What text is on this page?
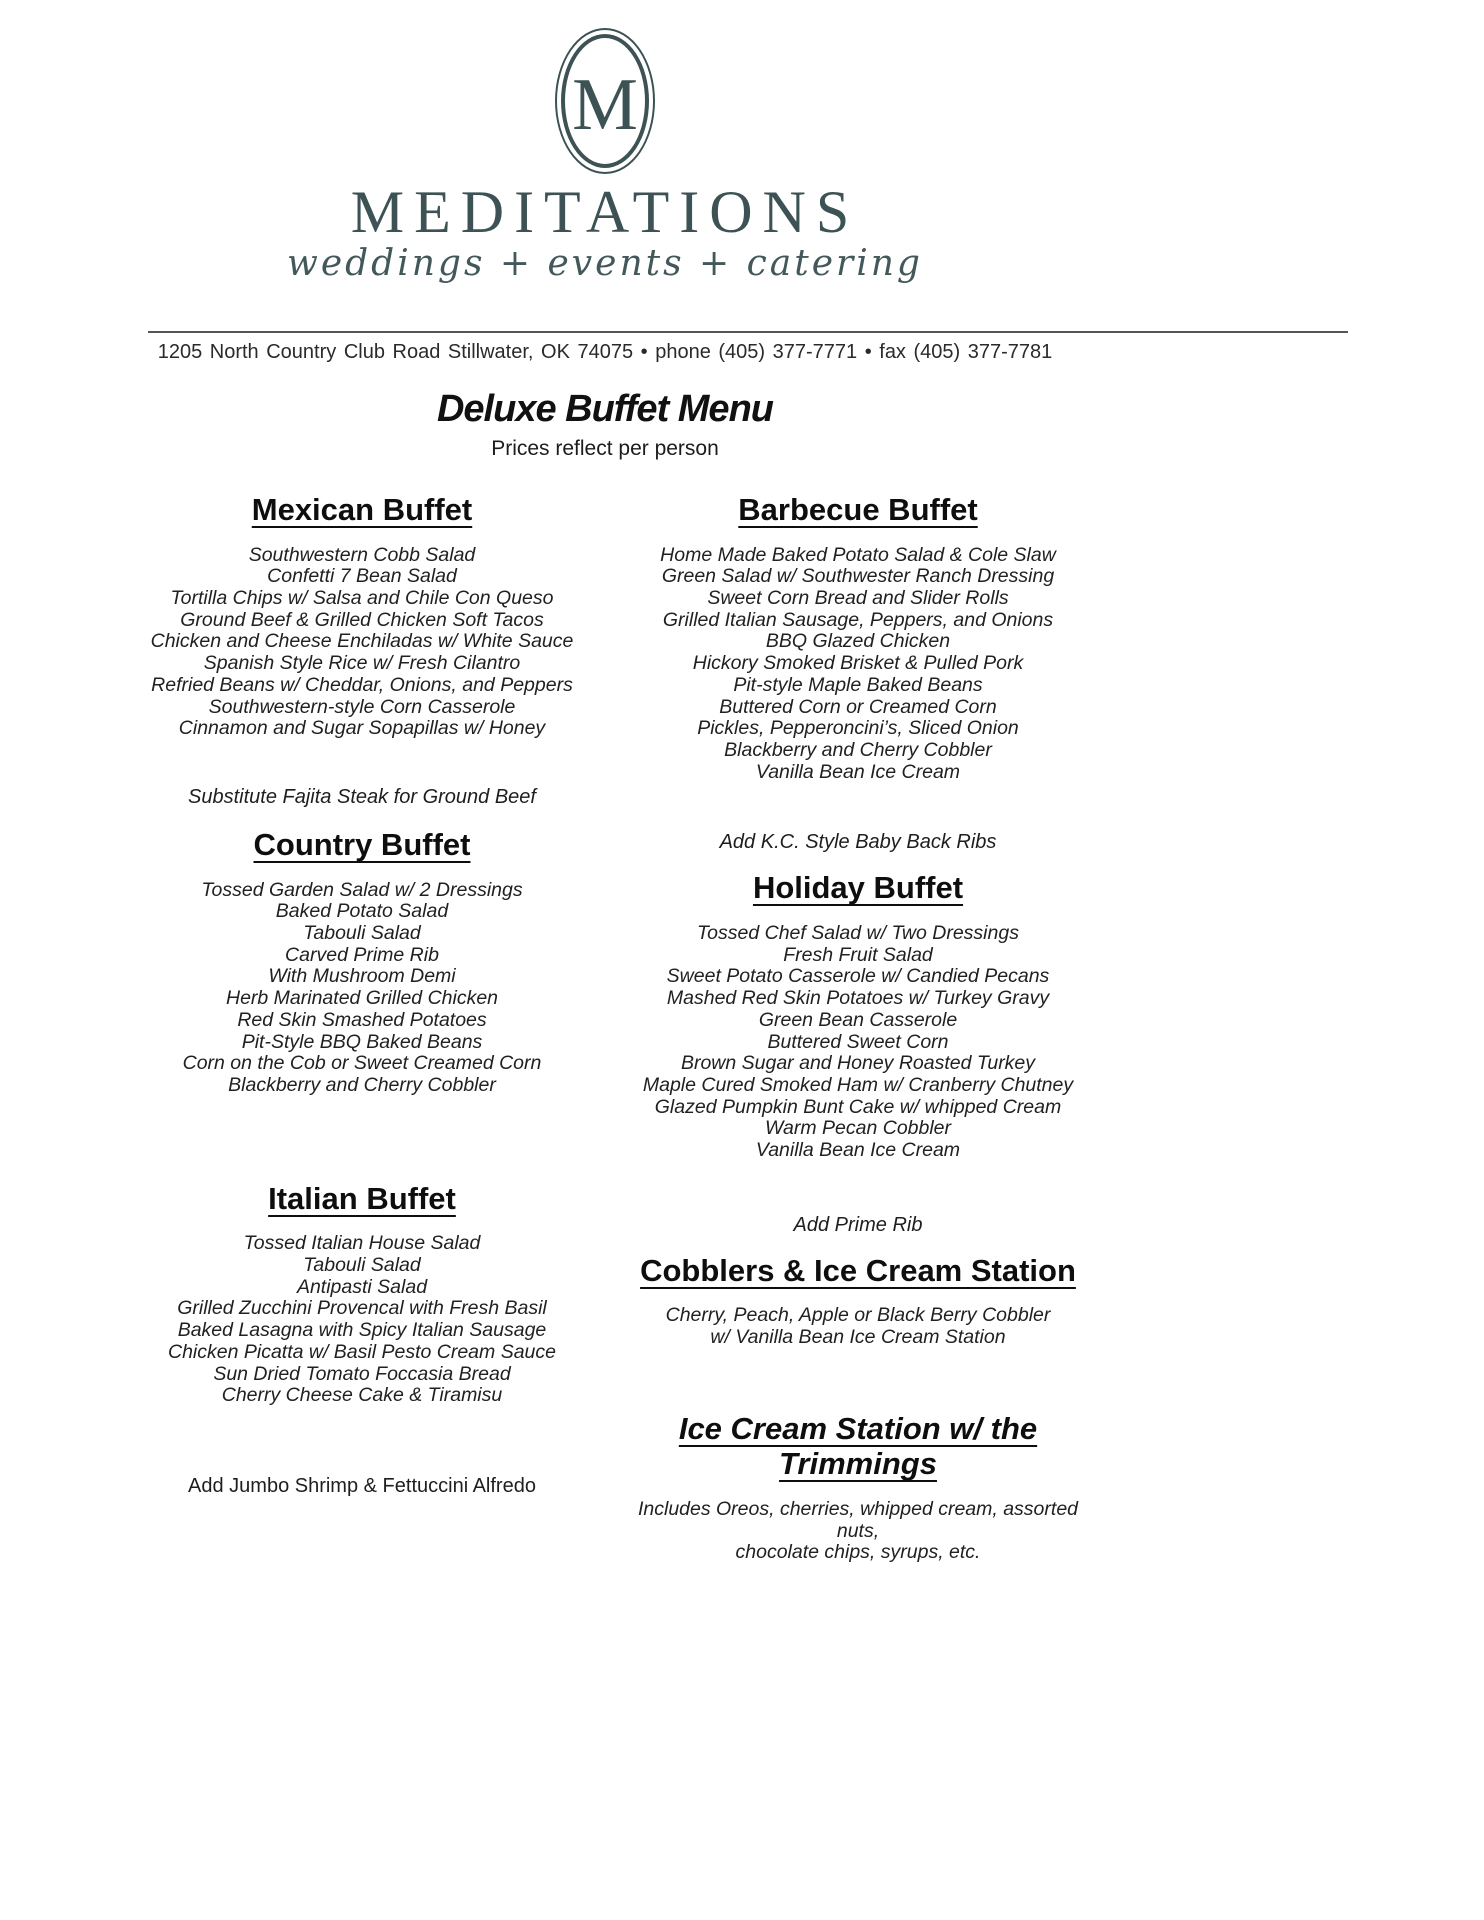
M
MEDITATIONS
weddings + events + catering
1205 North Country Club Road Stillwater, OK 74075 • phone (405) 377-7771 • fax (405) 377-7781
Deluxe Buffet Menu
Prices reflect per person
Mexican Buffet
Southwestern Cobb Salad
Confetti 7 Bean Salad
Tortilla Chips w/ Salsa and Chile Con Queso
Ground Beef & Grilled Chicken Soft Tacos
Chicken and Cheese Enchiladas w/ White Sauce
Spanish Style Rice w/ Fresh Cilantro
Refried Beans w/ Cheddar, Onions, and Peppers
Southwestern-style Corn Casserole
Cinnamon and Sugar Sopapillas w/ Honey
Substitute Fajita Steak for Ground Beef
Country Buffet
Tossed Garden Salad w/ 2 Dressings
Baked Potato Salad
Tabouli Salad
Carved Prime Rib
With Mushroom Demi
Herb Marinated Grilled Chicken
Red Skin Smashed Potatoes
Pit-Style BBQ Baked Beans
Corn on the Cob or Sweet Creamed Corn
Blackberry and Cherry Cobbler
Italian Buffet
Tossed Italian House Salad
Tabouli Salad
Antipasti Salad
Grilled Zucchini Provencal with Fresh Basil
Baked Lasagna with Spicy Italian Sausage
Chicken Picatta w/ Basil Pesto Cream Sauce
Sun Dried Tomato Foccasia Bread
Cherry Cheese Cake & Tiramisu
Add Jumbo Shrimp & Fettuccini Alfredo
Barbecue Buffet
Home Made Baked Potato Salad & Cole Slaw
Green Salad w/ Southwester Ranch Dressing
Sweet Corn Bread and Slider Rolls
Grilled Italian Sausage, Peppers, and Onions
BBQ Glazed Chicken
Hickory Smoked Brisket & Pulled Pork
Pit-style Maple Baked Beans
Buttered Corn or Creamed Corn
Pickles, Pepperoncini’s, Sliced Onion
Blackberry and Cherry Cobbler
Vanilla Bean Ice Cream
Add K.C. Style Baby Back Ribs
Holiday Buffet
Tossed Chef Salad w/ Two Dressings
Fresh Fruit Salad
Sweet Potato Casserole w/ Candied Pecans
Mashed Red Skin Potatoes w/ Turkey Gravy
Green Bean Casserole
Buttered Sweet Corn
Brown Sugar and Honey Roasted Turkey
Maple Cured Smoked Ham w/ Cranberry Chutney
Glazed Pumpkin Bunt Cake w/ whipped Cream
Warm Pecan Cobbler
Vanilla Bean Ice Cream
Add Prime Rib
Cobblers & Ice Cream Station
Cherry, Peach, Apple or Black Berry Cobbler
w/ Vanilla Bean Ice Cream Station
Ice Cream Station w/ the Trimmings
Includes Oreos, cherries, whipped cream, assorted nuts,
chocolate chips, syrups, etc.
